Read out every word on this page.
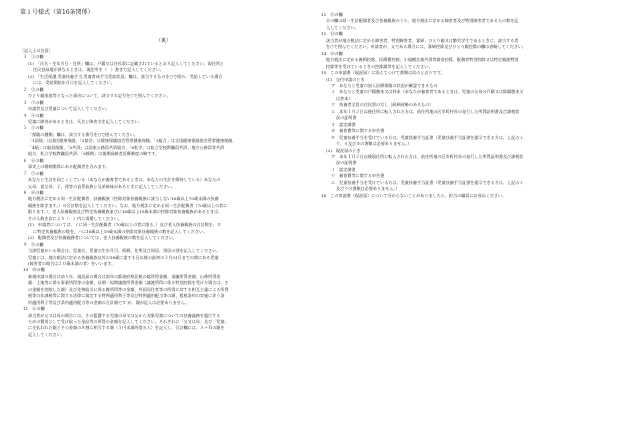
第１号様式（第16条関係）
（裏）
［記入上の注意］
１　①の欄
(1)　「氏名・生年月日・住所」欄は、戸籍又は住民票に記載されているとおり記入してください。現住所と
住民登録地が異なるときは、現住所を（　）書きで記入してください。
(2)　「生活保護,児童扶養手当,児童育成手当受給状況」欄は、該当するものを○で囲み、受給している場合
には、受給開始年月日を記入してください。
２　②の欄
ひとり親家庭等となった事由について、該当する記号を○で囲んでください。
３　③の欄
申請者及び児童について記入してください。
４　④の欄
児童に障害があるときは、氏名と障害名を記入してください。
５　⑤の欄
「保険の種類」欄は、該当する番号を○で囲んでください。
「1国保」は国民健康保険、「2協会」は健康保険協会管掌健康保険、「3組合」は全国健康保険協会管掌健康保険、
「4船」は船員保険、「5共済」は国家公務員共済組合、「6私学」は私立学校教職員共済、地方公務員等共済
組合、私立学校教職員共済、「8後期」は後期高齢者医療制度の略です。
６　⑥の欄
事実上の婚姻関係にある配偶者を含みます。
７　⑦の欄
あなたと生計を同じくしている（あなたが養育者であるときは、あなたの生計を維持している）あなたの
父母、祖父母、子、孫等の直系血族と兄弟姉妹があるときに記入してください。
８　⑧の欄
地方税法に定める同一生計配偶者、扶養親族（控除対象扶養親族に該当しない16歳以上70歳未満の扶養
親族を除きます。）の合計数を記入してください。なお、地方税法に定める同一生計配偶者（70歳以上の者に
限ります。）、老人扶養親族及び特定扶養親族並びに16歳以上19歳未満の控除対象扶養親族があるときは、
その人数を次により（　）内に再掲してください。
(1)　申請者については、イに同一生計配偶者（70歳以上の者に限る。）及び老人扶養親族の合計数を、ロ
に特定扶養親族の数を、ハに16歳以上19歳未満の控除対象扶養親族の数を記入してください。
(2)　配偶者及び扶養義務者については、老人扶養親族の数を記入してください。
９　⑨の欄
当該児童がいる場合は、児童名、児童の生年月日、続柄、住所及び同居、別居の別を記入してください。
児童とは、地方税法に定める扶養親族以外の18歳に達する日以後の最初の３月31日までの間にある児童
(障害者の場合は２０歳未満の者）をいいます。
10　⑩の欄
新規申請の場合は前々年、現況届の場合は前年の都道府県民税の総所得金額、退職所得金額、山林所得金
額、土地等に係る事業所得等の金額、長期・短期譲渡所得金額（譲渡所得に係る特別控除を受けた場合は、そ
の金額を控除した額）及び先物取引に係る雑所得等の金額、外国居住者等の所得に対する相互主義による所得
税等の非課税等に関する法律に規定する特例適用利子等及び特例適用配当等の額、租税条約の実施に伴う条
約適用利子等及び条約適用配当等の金額の合計額です が、額が記入は必要ありません。
11　⑪の欄
該当者が父又は母の場合には、その監護する児童の母又は父から対象児童についての扶養義務を履行する
ための費用として受け取った金品等の所得の金額を記入してください。それぞれに「父又は母」及び「児童」
に支払われた額とその金額の８割に相当する額（１円未満四捨五入）を記入し、合計欄には、Ａ＋Ｂの額を
記入してください。
12　⑫の欄
⑪の欄の同一生計配偶者及び扶養親族のうち、地方税法に定める障害者及び特別障害者である人の数を記
入してください。
13　⑬の欄
該当者が地方税法に定める障害者、特別障害者、寡婦、ひとり親又は勤労学生であるときに、該当する者
を○で囲んでください。申請者が、父である場合には、寡婦控除及びひとり親控除の欄は省略してください。
14　⑭の欄
地方税法に定める雑損控除、医療費控除、小規模企業共済等掛金控除、配偶者特別控除又は特定親族特別
控除等を受けているときの控除額等を記入してください。
15　この申請書（現況届）に添えてつけて書類は次のとおりです。
(1)　交付申請のとき
ア　あなたと児童の加入医療保険の状況が確認できるもの
イ　あなたと児童の戸籍謄本又は抄本（あなたが養育者であるときは、児童の父母の戸籍又は除籍謄本又
は抄本）
ウ　扶養者全員の住民票の写し（続柄省略のあるもの）
エ　本年１月２日以後住所に転入された方は、前住所地の区市町村長の発行した所得証明書及び課税状
況の証明書
オ　認定調書
カ　養育費等に関する申告書
キ　児童扶養手当を受けている方は、児童扶養手当証書（児童扶養手当証書を提示できる方は、上記のイ、
ウ、オ及びカの書類は必要ありません。）
(2)　現況届のとき
ア　本年１月２日以後現住所に転入された方は、前住所地の区市町村長の発行した所得証明書及び課税状
況の証明書
イ　認定調書
ウ　養育費等に関する申告書
エ　児童扶養手当を受けている方は、児童扶養手当証書（児童扶養手当証書を提示できる方は、上記のイ
及びウの書類は必要ありません。）
16　この申請書（現況届）について分からないことがありましたら、担当の職員にお尋ねください。
